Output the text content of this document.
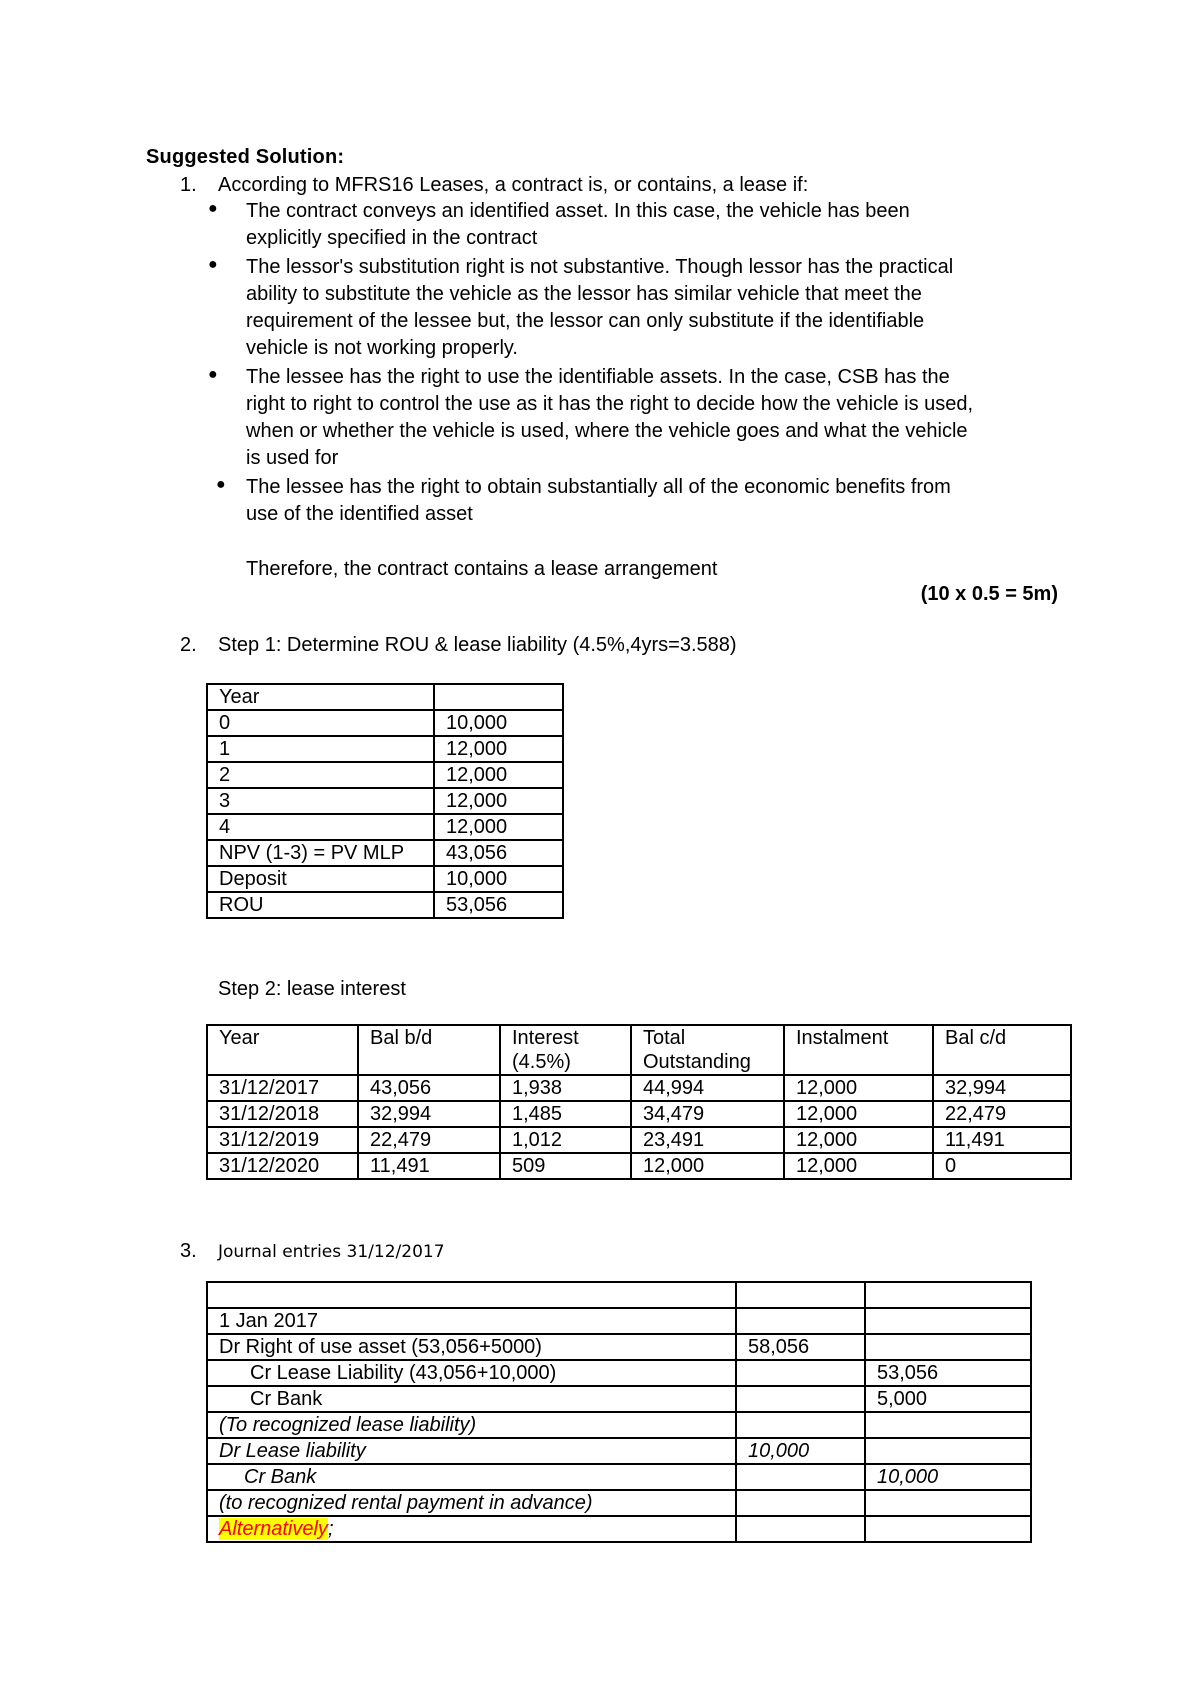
Suggested Solution:
1. According to MFRS16 Leases, a contract is, or contains, a lease if:
● The contract conveys an identified asset. In this case, the vehicle has been
explicitly specified in the contract
● The lessor's substitution right is not substantive. Though lessor has the practical
ability to substitute the vehicle as the lessor has similar vehicle that meet the
requirement of the lessee but, the lessor can only substitute if the identifiable
vehicle is not working properly.
● The lessee has the right to use the identifiable assets. In the case, CSB has the
right to right to control the use as it has the right to decide how the vehicle is used,
when or whether the vehicle is used, where the vehicle goes and what the vehicle
is used for
● The lessee has the right to obtain substantially all of the economic benefits from
use of the identified asset
Therefore, the contract contains a lease arrangement
(10 x 0.5 = 5m)
2. Step 1: Determine ROU & lease liability (4.5%,4yrs=3.588)
Year	
0	10,000
1	12,000
2	12,000
3	12,000
4	12,000
NPV (1-3) = PV MLP	43,056
Deposit	10,000
ROU	53,056
Step 2: lease interest
Year	Bal b/d	Interest (4.5%)	Total Outstanding	Instalment	Bal c/d
31/12/2017	43,056	1,938	44,994	12,000	32,994
31/12/2018	32,994	1,485	34,479	12,000	22,479
31/12/2019	22,479	1,012	23,491	12,000	11,491
31/12/2020	11,491	509	12,000	12,000	0
3. Journal entries 31/12/2017

1 Jan 2017		
Dr Right of use asset (53,056+5000)	58,056	
Cr Lease Liability (43,056+10,000)		53,056
Cr Bank		5,000
(To recognized lease liability)		
Dr Lease liability	10,000	
Cr Bank		10,000
(to recognized rental payment in advance)		
Alternatively;		
